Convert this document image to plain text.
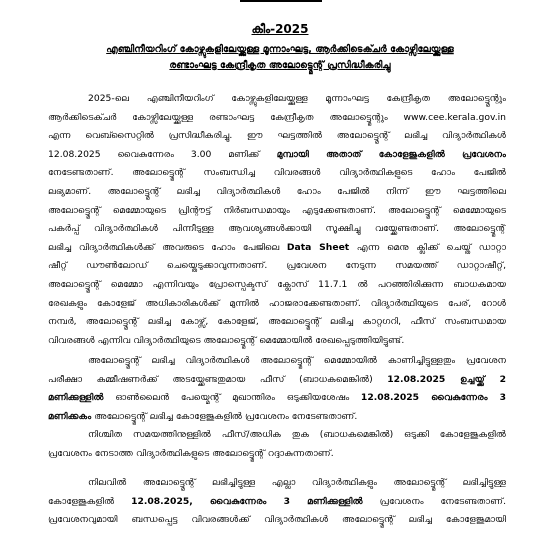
കീം-2025
എഞ്ചിനീയറിംഗ് കോഴ്സുകളിലേയ്ക്കുള്ള മൂന്നാംഘട്ട, ആർക്കിടെക്ചർ കോഴ്സിലേയ്ക്കുള്ള
രണ്ടാംഘട്ട കേന്ദ്രീകൃത അലോട്ട്മെന്റ് പ്രസിദ്ധീകരിച്ചു
2025-ലെ എഞ്ചിനീയറിംഗ് കോഴ്സുകളിലേയ്ക്കുള്ള മൂന്നാംഘട്ട കേന്ദ്രീകൃത അലോട്ട്മെന്റും
ആർക്കിടെക്ചർ കോഴ്സിലേയ്ക്കുള്ള രണ്ടാംഘട്ട കേന്ദ്രീകൃത അലോട്ട്മെന്റും www.cee.kerala.gov.in
എന്ന വെബ്സൈറ്റിൽ പ്രസിദ്ധീകരിച്ചു. ഈ ഘട്ടത്തിൽ അലോട്ട്മെന്റ് ലഭിച്ച വിദ്യാർത്ഥികൾ
12.08.2025 വൈകുന്നേരം 3.00 മണിക്ക് മുമ്പായി അതാത് കോളേജുകളിൽ പ്രവേശനം
നേടേണ്ടതാണ്. അലോട്ട്മെന്റ് സംബന്ധിച്ച വിവരങ്ങൾ വിദ്യാർത്ഥികളുടെ ഹോം പേജിൽ
ലഭ്യമാണ്. അലോട്ട്മെന്റ് ലഭിച്ച വിദ്യാർത്ഥികൾ ഹോം പേജിൽ നിന്ന് ഈ ഘട്ടത്തിലെ
അലോട്ട്മെന്റ് മെമ്മോയുടെ പ്രിന്റൗട്ട് നിർബന്ധമായും എടുക്കേണ്ടതാണ്. അലോട്ട്മെന്റ് മെമ്മോയുടെ
പകർപ്പ് വിദ്യാർത്ഥികൾ പിന്നീടുള്ള ആവശ്യങ്ങൾക്കായി സൂക്ഷിച്ചു വയ്ക്കേണ്ടതാണ്. അലോട്ട്മെന്റ്
ലഭിച്ച വിദ്യാർത്ഥികൾക്ക് അവരുടെ ഹോം പേജിലെ Data Sheet എന്ന മെനു ക്ലിക്ക് ചെയ്ത് ഡാറ്റാ
ഷീറ്റ് ഡൗൺലോഡ് ചെയ്തെടുക്കാവുന്നതാണ്. പ്രവേശന നേടുന്ന സമയത്ത് ഡാറ്റാഷീറ്റ്,
അലോട്ട്മെന്റ് മെമ്മോ എന്നിവയും പ്രോസ്പെക്ടസ് ക്ലോസ് 11.7.1 ൽ പറഞ്ഞിരിക്കുന്ന ബാധകമായ
രേഖകളും കോളേജ് അധികാരികൾക്ക് മുന്നിൽ ഹാജരാക്കേണ്ടതാണ്. വിദ്യാർത്ഥിയുടെ പേര്, റോൾ
നമ്പർ, അലോട്ട്മെന്റ് ലഭിച്ച കോഴ്സ്, കോളേജ്, അലോട്ട്മെന്റ് ലഭിച്ച കാറ്റഗറി, ഫീസ് സംബന്ധമായ
വിവരങ്ങൾ എന്നിവ വിദ്യാർത്ഥിയുടെ അലോട്ട്മെന്റ് മെമ്മോയിൽ രേഖപ്പെടുത്തിയിട്ടുണ്ട്.
അലോട്ട്മെന്റ് ലഭിച്ച വിദ്യാർത്ഥികൾ അലോട്ട്മെന്റ് മെമ്മോയിൽ കാണിച്ചിട്ടുള്ളതും പ്രവേശന
പരീക്ഷാ കമ്മീഷണർക്ക് അടയ്ക്കേണ്ടതുമായ ഫീസ് (ബാധകമെങ്കിൽ) 12.08.2025 ഉച്ചയ്ക്ക് 2
മണിക്കുള്ളിൽ ഓൺലൈൻ പേയ്മെന്റ് മുഖാന്തിരം ഒടുക്കിയശേഷം 12.08.2025 വൈകുന്നേരം 3
മണിക്കകം അലോട്ട്മെന്റ് ലഭിച്ച കോളേജുകളിൽ പ്രവേശനം നേടേണ്ടതാണ്.
നിശ്ചിത സമയത്തിനുള്ളിൽ ഫീസ്/അധിക തുക (ബാധകമെങ്കിൽ) ഒടുക്കി കോളേജുകളിൽ
പ്രവേശനം നേടാത്ത വിദ്യാർത്ഥികളുടെ അലോട്ട്മെന്റ് റദ്ദാകുന്നതാണ്.
നിലവിൽ അലോട്ട്മെന്റ് ലഭിച്ചിട്ടുള്ള എല്ലാ വിദ്യാർത്ഥികളും അലോട്ട്മെന്റ് ലഭിച്ചിട്ടുള്ള
കോളേജുകളിൽ 12.08.2025, വൈകുന്നേരം 3 മണിക്കുള്ളിൽ പ്രവേശനം നേടേണ്ടതാണ്.
പ്രവേശനവുമായി ബന്ധപ്പെട്ട വിവരങ്ങൾക്ക് വിദ്യാർത്ഥികൾ അലോട്ട്മെന്റ് ലഭിച്ച കോളേജുമായി
